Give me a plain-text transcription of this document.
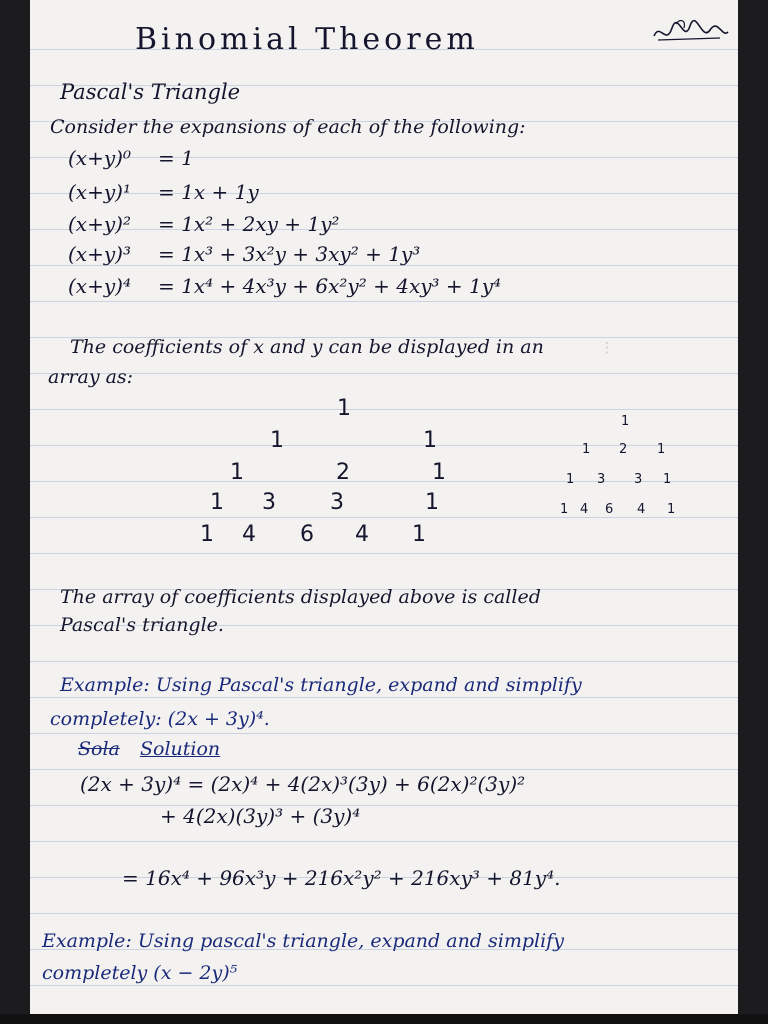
⋮
Binomial Theorem
Pascal's Triangle
Consider the expansions of each of the following:
(x+y)⁰ = 1
(x+y)¹ = 1x + 1y
(x+y)² = 1x² + 2xy + 1y²
(x+y)³ = 1x³ + 3x²y + 3xy² + 1y³
(x+y)⁴ = 1x⁴ + 4x³y + 6x²y² + 4xy³ + 1y⁴
The coefficients of x and y can be displayed in an
array as:
1
1	1
1	2	1
1 3 3	1
1 4 6 4 1
1
1 2 1
1 3 3 1
1 4 6 4 1
The array of coefficients displayed above is called
Pascal's triangle.
Example: Using Pascal's triangle, expand and simplify
completely: (2x + 3y)⁴.
Sola Solution
(2x + 3y)⁴ = (2x)⁴ + 4(2x)³(3y) + 6(2x)²(3y)²
+ 4(2x)(3y)³ + (3y)⁴
= 16x⁴ + 96x³y + 216x²y² + 216xy³ + 81y⁴.
Example: Using pascal's triangle, expand and simplify
completely (x − 2y)⁵
